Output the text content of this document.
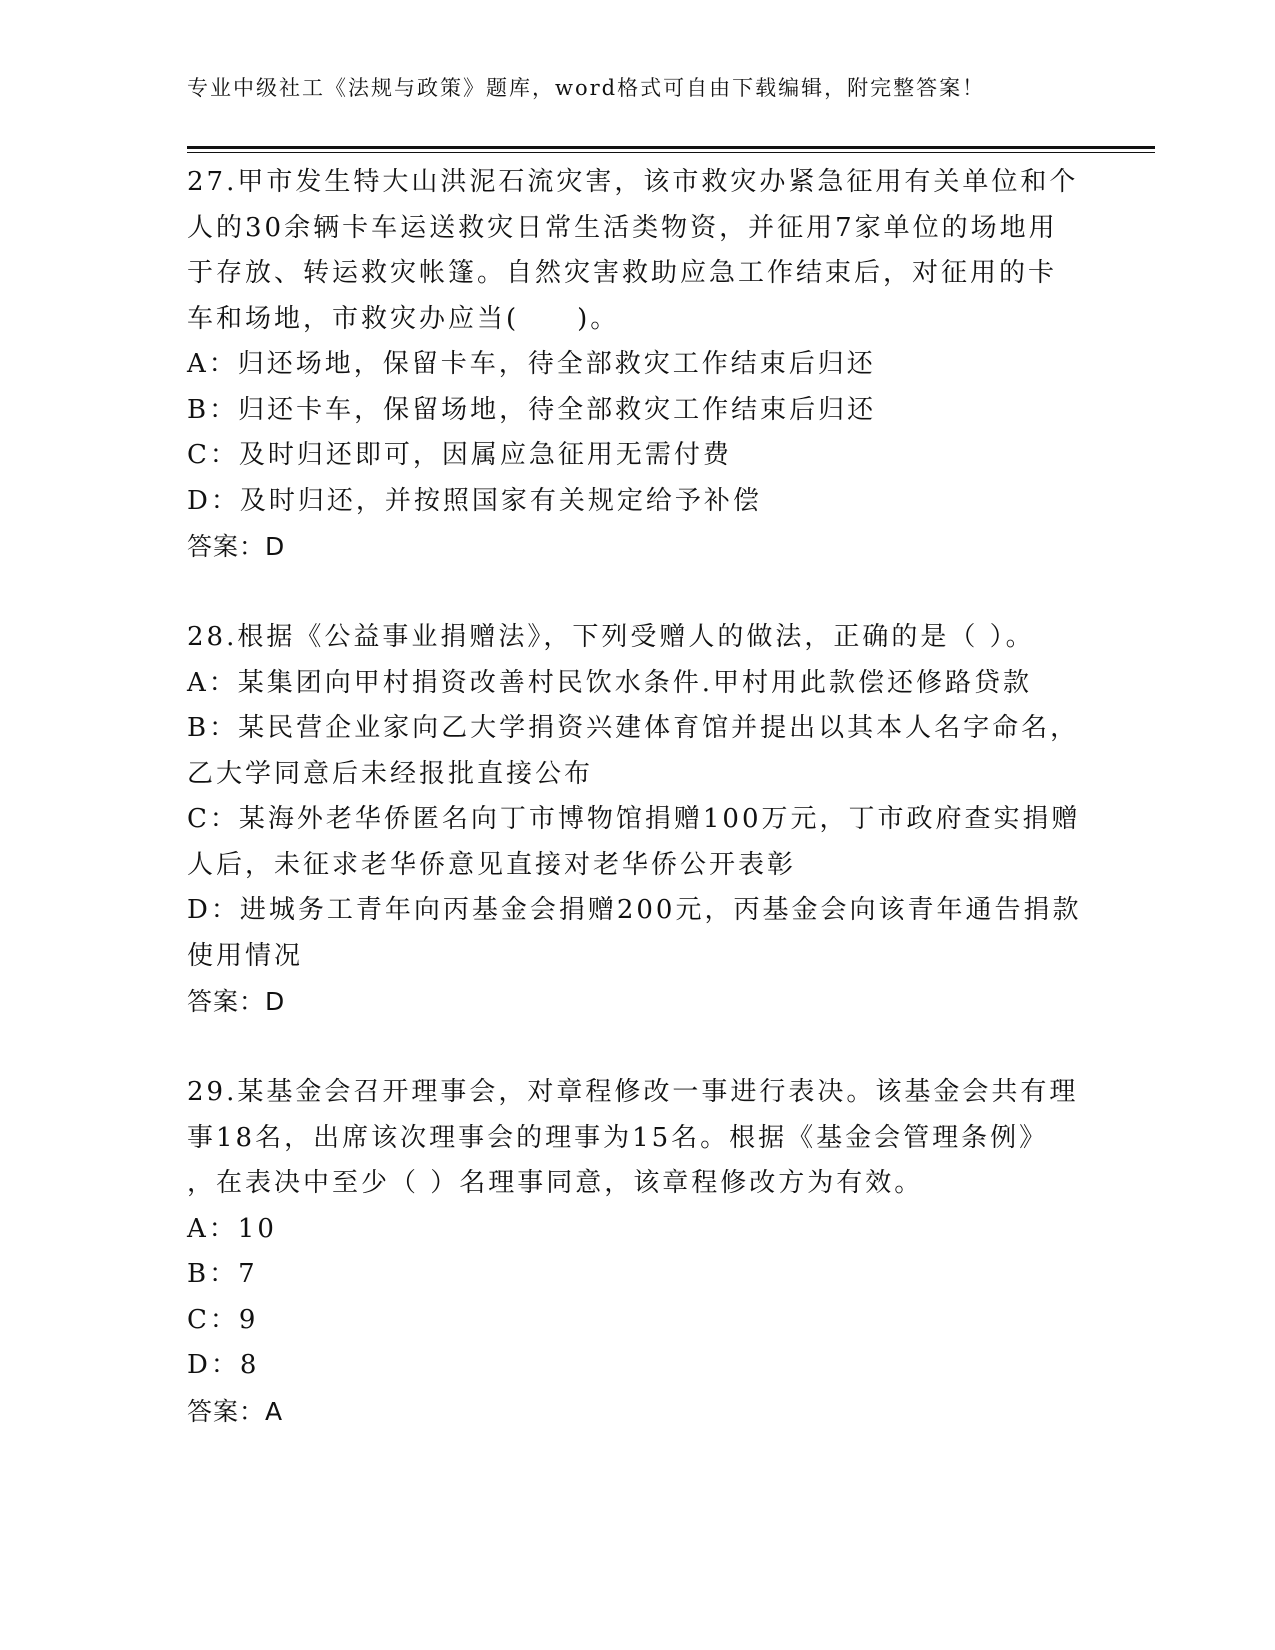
专业中级社工《法规与政策》题库，word格式可自由下载编辑，附完整答案！
27.甲市发生特大山洪泥石流灾害，该市救灾办紧急征用有关单位和个
人的30余辆卡车运送救灾日常生活类物资，并征用7家单位的场地用
于存放、转运救灾帐篷。自然灾害救助应急工作结束后，对征用的卡
车和场地，市救灾办应当(　　)。
A：归还场地，保留卡车，待全部救灾工作结束后归还
B：归还卡车，保留场地，待全部救灾工作结束后归还
C：及时归还即可，因属应急征用无需付费
D：及时归还，并按照国家有关规定给予补偿
答案：D
28.根据《公益事业捐赠法》，下列受赠人的做法，正确的是（ ）。
A：某集团向甲村捐资改善村民饮水条件.甲村用此款偿还修路贷款
B：某民营企业家向乙大学捐资兴建体育馆并提出以其本人名字命名，
乙大学同意后未经报批直接公布
C：某海外老华侨匿名向丁市博物馆捐赠100万元，丁市政府查实捐赠
人后，未征求老华侨意见直接对老华侨公开表彰
D：进城务工青年向丙基金会捐赠200元，丙基金会向该青年通告捐款
使用情况
答案：D
29.某基金会召开理事会，对章程修改一事进行表决。该基金会共有理
事18名，出席该次理事会的理事为15名。根据《基金会管理条例》
，在表决中至少（ ）名理事同意，该章程修改方为有效。
A：10
B：7
C：9
D：8
答案：A
